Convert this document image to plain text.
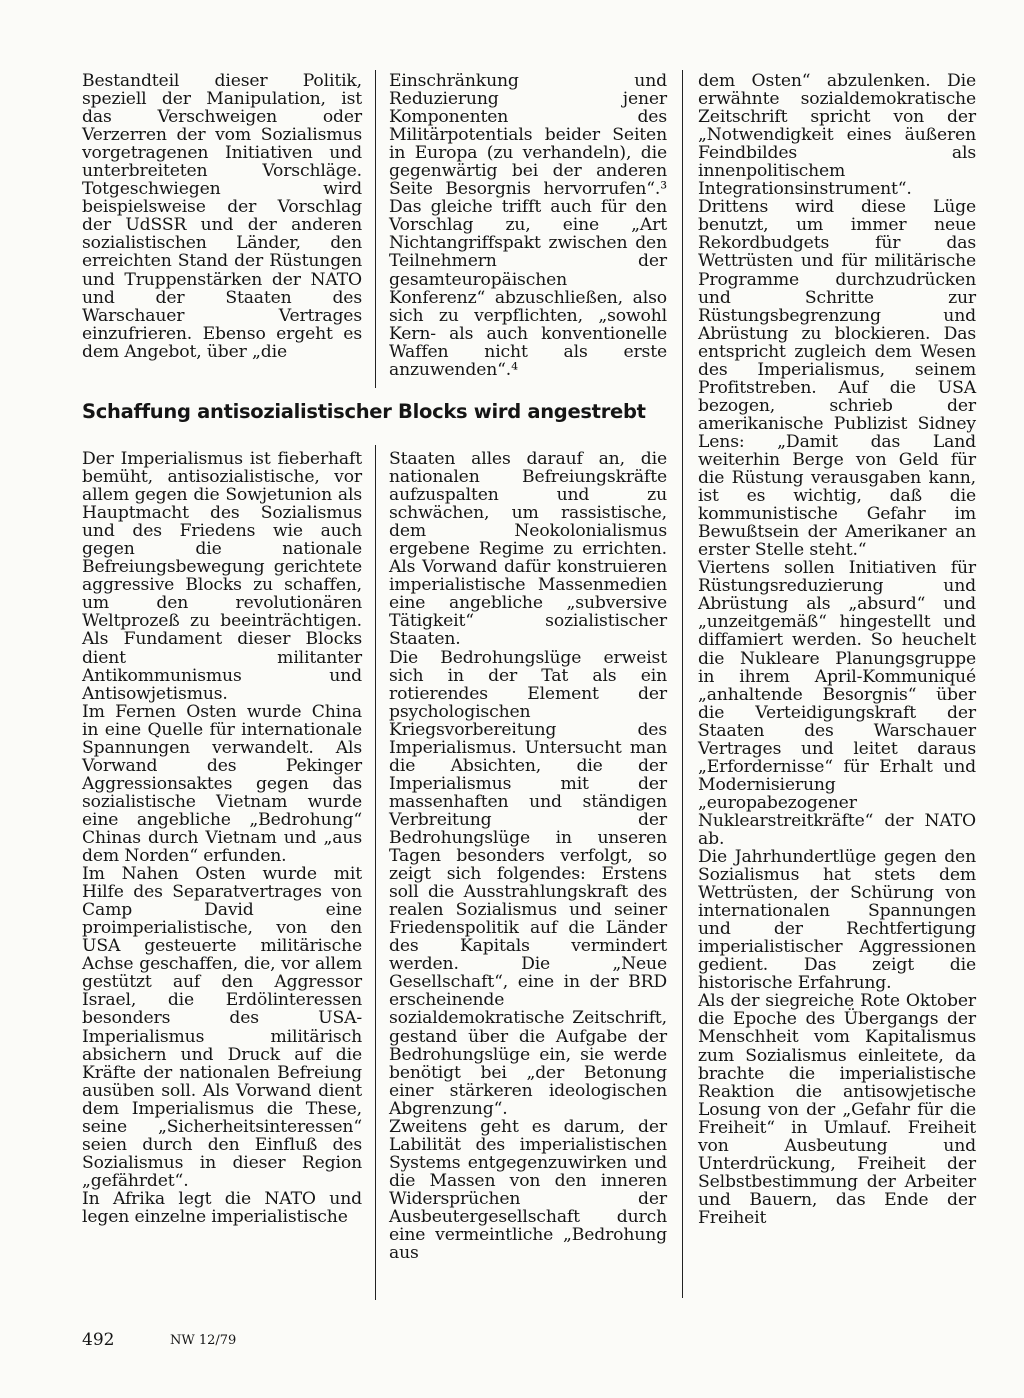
Bestandteil dieser Politik, speziell der Manipulation, ist das Verschweigen oder Verzerren der vom Sozialismus vorgetragenen Initiativen und unterbreiteten Vorschläge. Totgeschwiegen wird beispielsweise der Vorschlag der UdSSR und der anderen sozialistischen Länder, den erreichten Stand der Rüstungen und Truppenstärken der NATO und der Staaten des Warschauer Vertrages einzufrieren. Ebenso ergeht es dem Angebot, über „die

Einschränkung und Reduzierung jener Komponenten des Militärpotentials beider Seiten in Europa (zu verhandeln), die gegenwärtig bei der anderen Seite Besorgnis hervorrufen“.³ Das gleiche trifft auch für den Vorschlag zu, eine „Art Nichtangriffspakt zwischen den Teilnehmern der gesamteuropäischen Konferenz“ abzuschließen, also sich zu verpflichten, „sowohl Kern- als auch konventionelle Waffen nicht als erste anzuwenden“.⁴

Schaffung antisozialistischer Blocks wird angestrebt

Der Imperialismus ist fieberhaft bemüht, antisozialistische, vor allem gegen die Sowjetunion als Hauptmacht des Sozialismus und des Friedens wie auch gegen die nationale Befreiungsbewegung gerichtete aggressive Blocks zu schaffen, um den revolutionären Weltprozeß zu beeinträchtigen. Als Fundament dieser Blocks dient militanter Antikommunismus und Antisowjetismus.

Im Fernen Osten wurde China in eine Quelle für internationale Spannungen verwandelt. Als Vorwand des Pekinger Aggressionsaktes gegen das sozialistische Vietnam wurde eine angebliche „Bedrohung“ Chinas durch Vietnam und „aus dem Norden“ erfunden.

Im Nahen Osten wurde mit Hilfe des Separatvertrages von Camp David eine proimperialistische, von den USA gesteuerte militärische Achse geschaffen, die, vor allem gestützt auf den Aggressor Israel, die Erdölinteressen besonders des USA-Imperialismus militärisch absichern und Druck auf die Kräfte der nationalen Befreiung ausüben soll. Als Vorwand dient dem Imperialismus die These, seine „Sicherheitsinteressen“ seien durch den Einfluß des Sozialismus in dieser Region „gefährdet“.

In Afrika legt die NATO und legen einzelne imperialistische

Staaten alles darauf an, die nationalen Befreiungskräfte aufzuspalten und zu schwächen, um rassistische, dem Neokolonialismus ergebene Regime zu errichten. Als Vorwand dafür konstruieren imperialistische Massenmedien eine angebliche „subversive Tätigkeit“ sozialistischer Staaten.

Die Bedrohungslüge erweist sich in der Tat als ein rotierendes Element der psychologischen Kriegsvorbereitung des Imperialismus. Untersucht man die Absichten, die der Imperialismus mit der massenhaften und ständigen Verbreitung der Bedrohungslüge in unseren Tagen besonders verfolgt, so zeigt sich folgendes: Erstens soll die Ausstrahlungskraft des realen Sozialismus und seiner Friedenspolitik auf die Länder des Kapitals vermindert werden. Die „Neue Gesellschaft“, eine in der BRD erscheinende sozialdemokratische Zeitschrift, gestand über die Aufgabe der Bedrohungslüge ein, sie werde benötigt bei „der Betonung einer stärkeren ideologischen Abgrenzung“.

Zweitens geht es darum, der Labilität des imperialistischen Systems entgegenzuwirken und die Massen von den inneren Widersprüchen der Ausbeutergesellschaft durch eine vermeintliche „Bedrohung aus

dem Osten“ abzulenken. Die erwähnte sozialdemokratische Zeitschrift spricht von der „Notwendigkeit eines äußeren Feindbildes als innenpolitischem Integrationsinstrument“.

Drittens wird diese Lüge benutzt, um immer neue Rekordbudgets für das Wettrüsten und für militärische Programme durchzudrücken und Schritte zur Rüstungsbegrenzung und Abrüstung zu blockieren. Das entspricht zugleich dem Wesen des Imperialismus, seinem Profitstreben. Auf die USA bezogen, schrieb der amerikanische Publizist Sidney Lens: „Damit das Land weiterhin Berge von Geld für die Rüstung verausgaben kann, ist es wichtig, daß die kommunistische Gefahr im Bewußtsein der Amerikaner an erster Stelle steht.“

Viertens sollen Initiativen für Rüstungsreduzierung und Abrüstung als „absurd“ und „unzeitgemäß“ hingestellt und diffamiert werden. So heuchelt die Nukleare Planungsgruppe in ihrem April-Kommuniqué „anhaltende Besorgnis“ über die Verteidigungskraft der Staaten des Warschauer Vertrages und leitet daraus „Erfordernisse“ für Erhalt und Modernisierung „europabezogener Nuklearstreitkräfte“ der NATO ab.

Die Jahrhundertlüge gegen den Sozialismus hat stets dem Wettrüsten, der Schürung von internationalen Spannungen und der Rechtfertigung imperialistischer Aggressionen gedient. Das zeigt die historische Erfahrung.

Als der siegreiche Rote Oktober die Epoche des Übergangs der Menschheit vom Kapitalismus zum Sozialismus einleitete, da brachte die imperialistische Reaktion die antisowjetische Losung von der „Gefahr für die Freiheit“ in Umlauf. Freiheit von Ausbeutung und Unterdrückung, Freiheit der Selbstbestimmung der Arbeiter und Bauern, das Ende der Freiheit

492	NW 12/79
